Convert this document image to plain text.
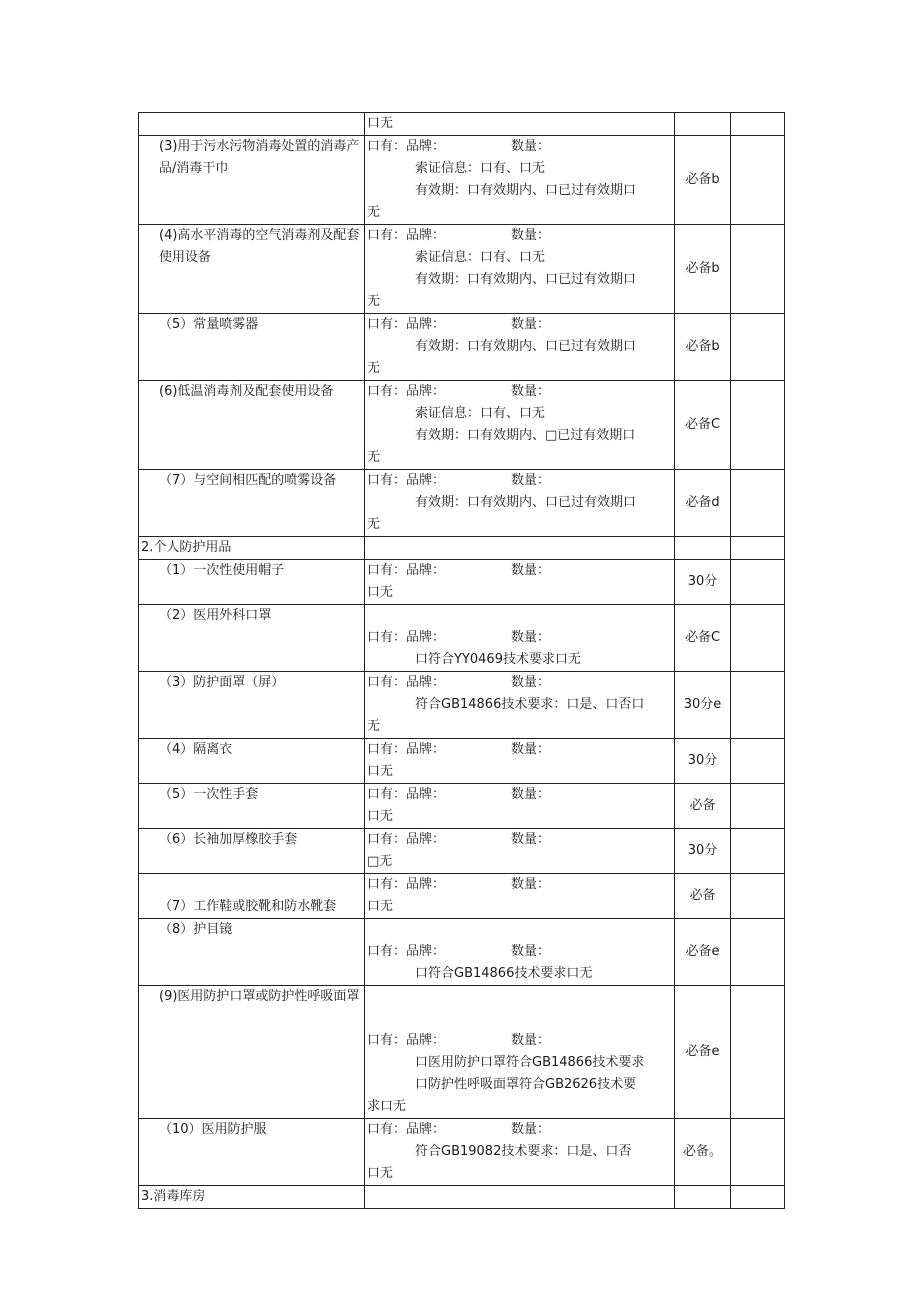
	口无		

(3)用于污水污物消毒处置的消毒产品/消毒干巾	口有：品牌： 数量：
索证信息：口有、口无
有效期：口有效期内、口已过有效期口
无	必备b	
(4)高水平消毒的空气消毒剂及配套使用设备	口有：品牌： 数量：
索证信息：口有、口无
有效期：口有效期内、口已过有效期口
无	必备b	
（5）常量喷雾器	口有：品牌： 数量：
有效期：口有效期内、口已过有效期口
无	必备b	
(6)低温消毒剂及配套使用设备	口有：品牌： 数量：
索证信息：口有、口无
有效期：口有效期内、□已过有效期口
无	必备C	
（7）与空间相匹配的喷雾设备	口有：品牌： 数量：
有效期：口有效期内、口已过有效期口
无	必备d	
2.个人防护用品			
（1）一次性使用帽子	口有：品牌： 数量：
口无	30分	
（2）医用外科口罩	口有：品牌： 数量：
口符合YY0469技术要求口无	必备C	
（3）防护面罩（屏）	口有：品牌： 数量：
符合GB14866技术要求：口是、口否口
无	30分e	
（4）隔离衣	口有：品牌： 数量：
口无	30分	
（5）一次性手套	口有：品牌： 数量：
口无	必备	
（6）长袖加厚橡胶手套	口有：品牌： 数量：
□无	30分	
（7）工作鞋或胶靴和防水靴套	口有：品牌： 数量：
口无	必备	
（8）护目镜	口有：品牌： 数量：
口符合GB14866技术要求口无	必备e	
(9)医用防护口罩或防护性呼吸面罩	口有：品牌： 数量：
口医用防护口罩符合GB14866技术要求
口防护性呼吸面罩符合GB2626技术要
求口无	必备e	
（10）医用防护服	口有：品牌： 数量：
符合GB19082技术要求：口是、口否
口无	必备。	
3.消毒库房			
